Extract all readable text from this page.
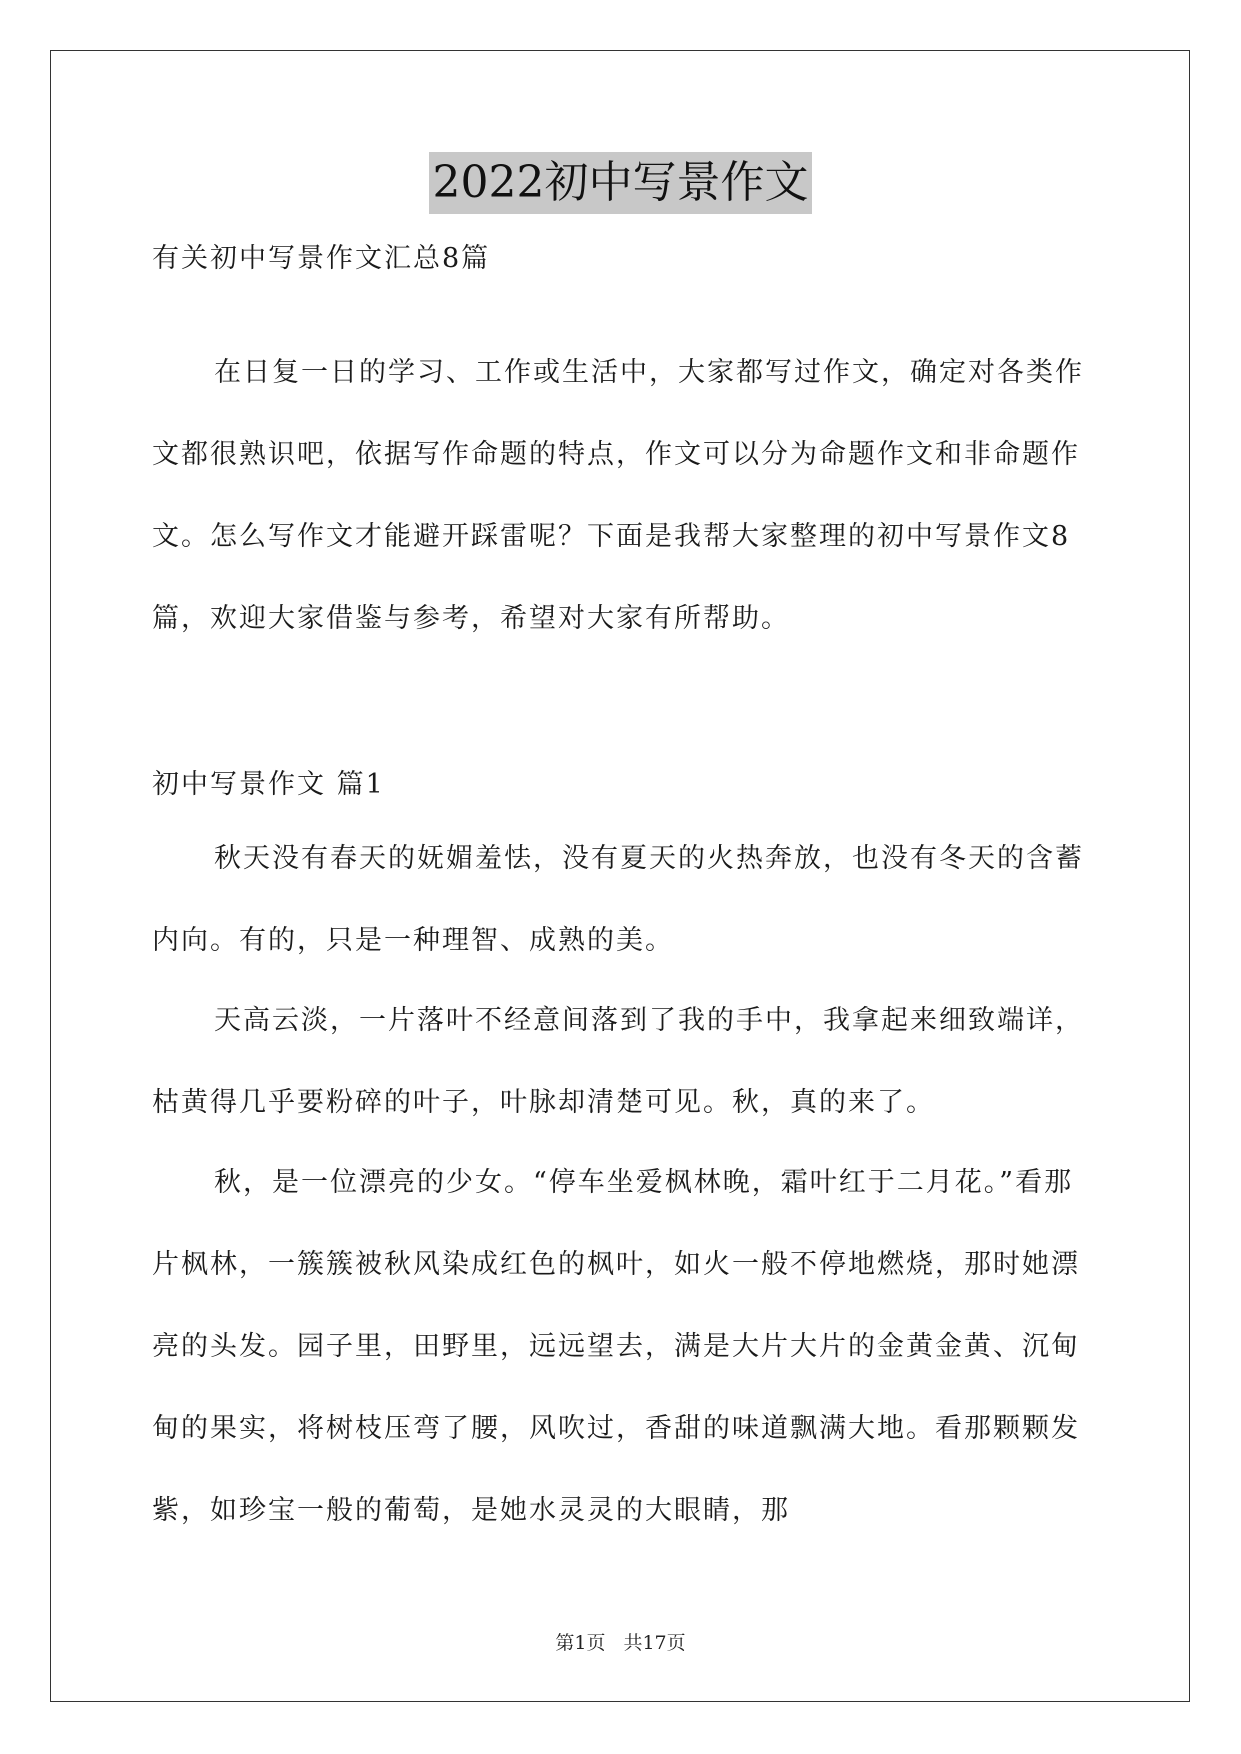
2022初中写景作文

有关初中写景作文汇总8篇

在日复一日的学习、工作或生活中，大家都写过作文，确定对各类作文都很熟识吧，依据写作命题的特点，作文可以分为命题作文和非命题作文。怎么写作文才能避开踩雷呢？下面是我帮大家整理的初中写景作文8篇，欢迎大家借鉴与参考，希望对大家有所帮助。

初中写景作文 篇1

秋天没有春天的妩媚羞怯，没有夏天的火热奔放，也没有冬天的含蓄内向。有的，只是一种理智、成熟的美。

天高云淡，一片落叶不经意间落到了我的手中，我拿起来细致端详，枯黄得几乎要粉碎的叶子，叶脉却清楚可见。秋，真的来了。

秋，是一位漂亮的少女。“停车坐爱枫林晚，霜叶红于二月花。”看那片枫林，一簇簇被秋风染成红色的枫叶，如火一般不停地燃烧，那时她漂亮的头发。园子里，田野里，远远望去，满是大片大片的金黄金黄、沉甸甸的果实，将树枝压弯了腰，风吹过，香甜的味道飘满大地。看那颗颗发紫，如珍宝一般的葡萄，是她水灵灵的大眼睛，那

第1页 共17页
